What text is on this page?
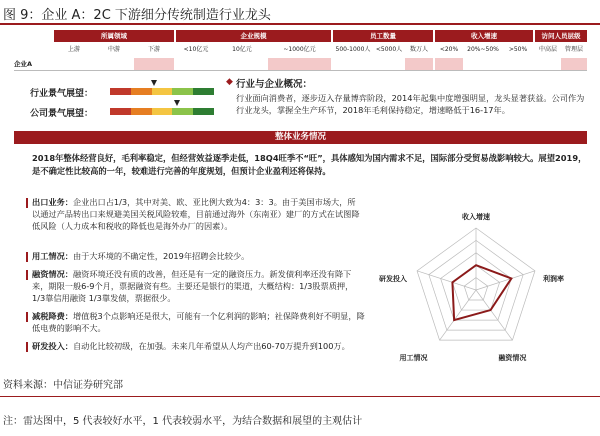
图 9：企业 A：2C 下游细分传统制造行业龙头
所属领域	企业规模	员工数量	收入增速	访问人员层级
上游	中游	下游	<10亿元	10亿元	~1000亿元	500-1000人 <5000人	数万人	<20%	20%~50%	>50%	中高层	管理层
企业A
行业景气展望：
公司景气展望：
◆ 行业与企业概况：
行业面向消费者，逐步迈入存量博弈阶段，2014年起集中度增强明显，龙头显著获益。公司作为行业龙头，掌握全生产环节，2018年毛利保持稳定，增速略低于16-17年。
整体业务情况
2018年整体经营良好，毛利率稳定，但经营效益逐季走低，18Q4旺季不“旺”，具体感知为国内需求不足，国际部分受贸易战影响较大。展望2019，是不确定性比较高的一年，较难进行完善的年度规划，但预计企业盈利还将保持。
出口业务：企业出口占1/3，其中对美、欧、亚比例大致为4：3：3。由于美国市场大，所以通过产品转出口来规避美国关税风险较难，目前通过海外（东南亚）建厂的方式在试图降低风险（人力成本和税收的降低也是海外办厂的因素）。
用工情况：由于大环境的不确定性，2019年招聘会比较少。
融资情况：融资环境还没有质的改善，但还是有一定的融资压力。新发债利率还没有降下来，期限一般6-9个月，票据融资有些。主要还是银行的渠道，大概结构：1/3股票质押，1/3靠信用融资 1/3靠发债，票据很少。
减税降费：增值税3个点影响还是很大，可能有一个亿利润的影响；社保降费利好不明显，降低电费的影响不大。
研发投入：自动化比较初级，在加强。未来几年希望从人均产出60-70万提升到100万。
收入增速
利润率
融资情况
用工情况
研发投入
资料来源：中信证券研究部
注：雷达图中，5 代表较好水平，1 代表较弱水平，为结合数据和展望的主观估计
